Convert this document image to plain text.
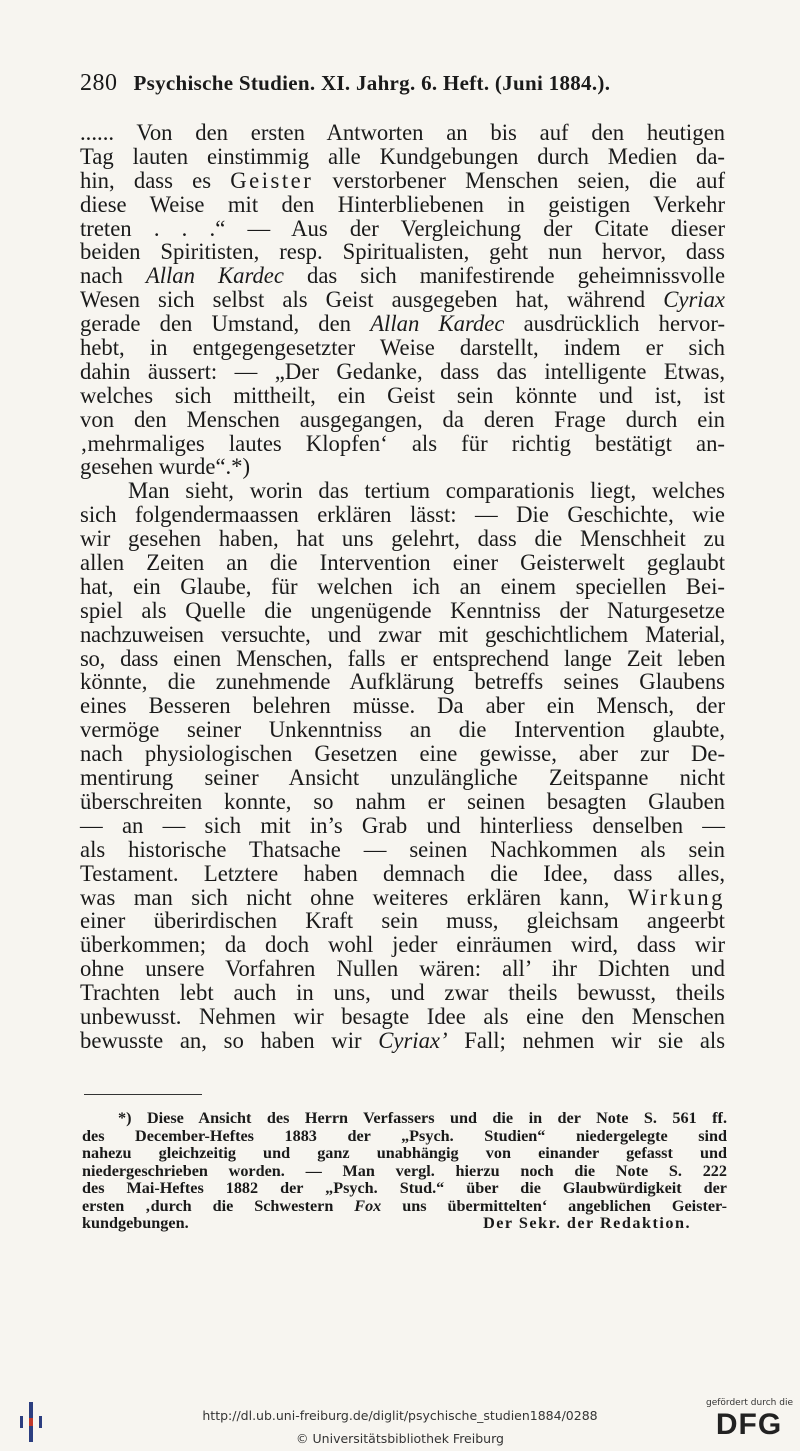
280 Psychische Studien. XI. Jahrg. 6. Heft. (Juni 1884.).
...... Von den ersten Antworten an bis auf den heutigen
Tag lauten einstimmig alle Kundgebungen durch Medien da-
hin, dass es Geister verstorbener Menschen seien, die auf
diese Weise mit den Hinterbliebenen in geistigen Verkehr
treten . . .“ — Aus der Vergleichung der Citate dieser
beiden Spiritisten, resp. Spiritualisten, geht nun hervor, dass
nach Allan Kardec das sich manifestirende geheimnissvolle
Wesen sich selbst als Geist ausgegeben hat, während Cyriax
gerade den Umstand, den Allan Kardec ausdrücklich hervor-
hebt, in entgegengesetzter Weise darstellt, indem er sich
dahin äussert: — „Der Gedanke, dass das intelligente Etwas,
welches sich mittheilt, ein Geist sein könnte und ist, ist
von den Menschen ausgegangen, da deren Frage durch ein
‚mehrmaliges lautes Klopfen‘ als für richtig bestätigt an-
gesehen wurde“.*)
Man sieht, worin das tertium comparationis liegt, welches
sich folgendermaassen erklären lässt: — Die Geschichte, wie
wir gesehen haben, hat uns gelehrt, dass die Menschheit zu
allen Zeiten an die Intervention einer Geisterwelt geglaubt
hat, ein Glaube, für welchen ich an einem speciellen Bei-
spiel als Quelle die ungenügende Kenntniss der Naturgesetze
nachzuweisen versuchte, und zwar mit geschichtlichem Material,
so, dass einen Menschen, falls er entsprechend lange Zeit leben
könnte, die zunehmende Aufklärung betreffs seines Glaubens
eines Besseren belehren müsse. Da aber ein Mensch, der
vermöge seiner Unkenntniss an die Intervention glaubte,
nach physiologischen Gesetzen eine gewisse, aber zur De-
mentirung seiner Ansicht unzulängliche Zeitspanne nicht
überschreiten konnte, so nahm er seinen besagten Glauben
— an — sich mit in’s Grab und hinterliess denselben —
als historische Thatsache — seinen Nachkommen als sein
Testament. Letztere haben demnach die Idee, dass alles,
was man sich nicht ohne weiteres erklären kann, Wirkung
einer überirdischen Kraft sein muss, gleichsam angeerbt
überkommen; da doch wohl jeder einräumen wird, dass wir
ohne unsere Vorfahren Nullen wären: all’ ihr Dichten und
Trachten lebt auch in uns, und zwar theils bewusst, theils
unbewusst. Nehmen wir besagte Idee als eine den Menschen
bewusste an, so haben wir Cyriax’ Fall; nehmen wir sie als
*) Diese Ansicht des Herrn Verfassers und die in der Note S. 561 ff.
des December-Heftes 1883 der „Psych. Studien“ niedergelegte sind
nahezu gleichzeitig und ganz unabhängig von einander gefasst und
niedergeschrieben worden. — Man vergl. hierzu noch die Note S. 222
des Mai-Heftes 1882 der „Psych. Stud.“ über die Glaubwürdigkeit der
ersten ‚durch die Schwestern Fox uns übermittelten‘ angeblichen Geister-
kundgebungen.	Der Sekr. der Redaktion.
http://dl.ub.uni-freiburg.de/diglit/psychische_studien1884/0288
© Universitätsbibliothek Freiburg
gefördert durch die
DFG
